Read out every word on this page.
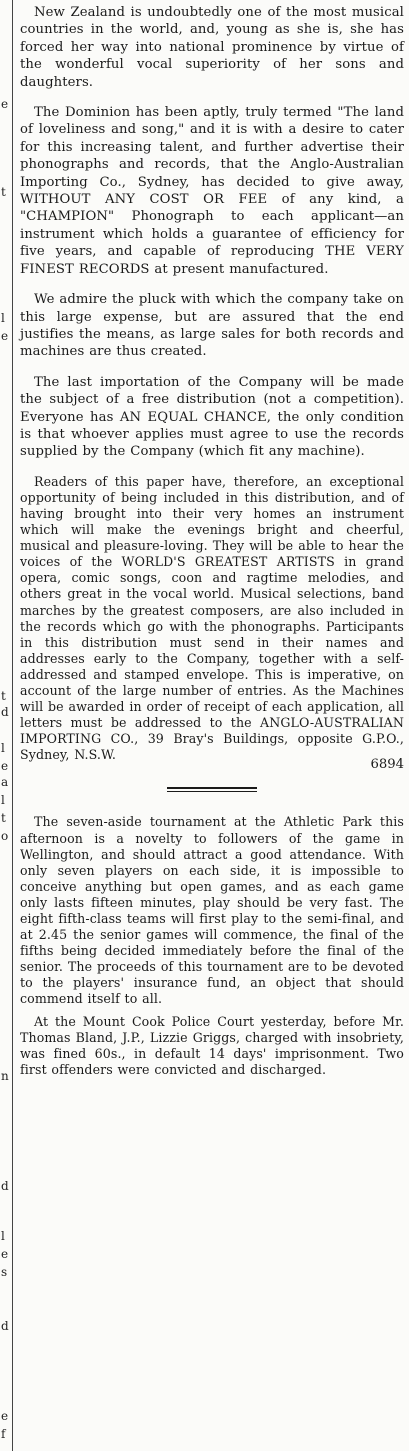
e
t
l
e
t
d
l
e
a
l
t
o
n
d
l
e
s
d
e
f

New Zealand is undoubtedly one of the most musical countries in the world, and, young as she is, she has forced her way into national prominence by virtue of the wonderful vocal superiority of her sons and daughters.

The Dominion has been aptly, truly termed "The land of loveliness and song," and it is with a desire to cater for this increasing talent, and further advertise their phonographs and records, that the Anglo-Australian Importing Co., Sydney, has decided to give away, WITHOUT ANY COST OR FEE of any kind, a "CHAMPION" Phonograph to each applicant—an instrument which holds a guarantee of efficiency for five years, and capable of reproducing THE VERY FINEST RECORDS at present manufactured.

We admire the pluck with which the company take on this large expense, but are assured that the end justifies the means, as large sales for both records and machines are thus created.

The last importation of the Company will be made the subject of a free distribution (not a competition). Everyone has AN EQUAL CHANCE, the only condition is that whoever applies must agree to use the records supplied by the Company (which fit any machine).

Readers of this paper have, therefore, an exceptional opportunity of being included in this distribution, and of having brought into their very homes an instrument which will make the evenings bright and cheerful, musical and pleasure-loving. They will be able to hear the voices of the WORLD'S GREATEST ARTISTS in grand opera, comic songs, coon and ragtime melodies, and others great in the vocal world. Musical selections, band marches by the greatest composers, are also included in the records which go with the phonographs. Participants in this distribution must send in their names and addresses early to the Company, together with a self-addressed and stamped envelope. This is imperative, on account of the large number of entries. As the Machines will be awarded in order of receipt of each application, all letters must be addressed to the ANGLO-AUSTRALIAN IMPORTING CO., 39 Bray's Buildings, opposite G.P.O., Sydney, N.S.W.

6894

The seven-aside tournament at the Athletic Park this afternoon is a novelty to followers of the game in Wellington, and should attract a good attendance. With only seven players on each side, it is impossible to conceive anything but open games, and as each game only lasts fifteen minutes, play should be very fast. The eight fifth-class teams will first play to the semi-final, and at 2.45 the senior games will commence, the final of the fifths being decided immediately before the final of the senior. The proceeds of this tournament are to be devoted to the players' insurance fund, an object that should commend itself to all.

At the Mount Cook Police Court yesterday, before Mr. Thomas Bland, J.P., Lizzie Griggs, charged with insobriety, was fined 60s., in default 14 days' imprisonment. Two first offenders were convicted and discharged.
